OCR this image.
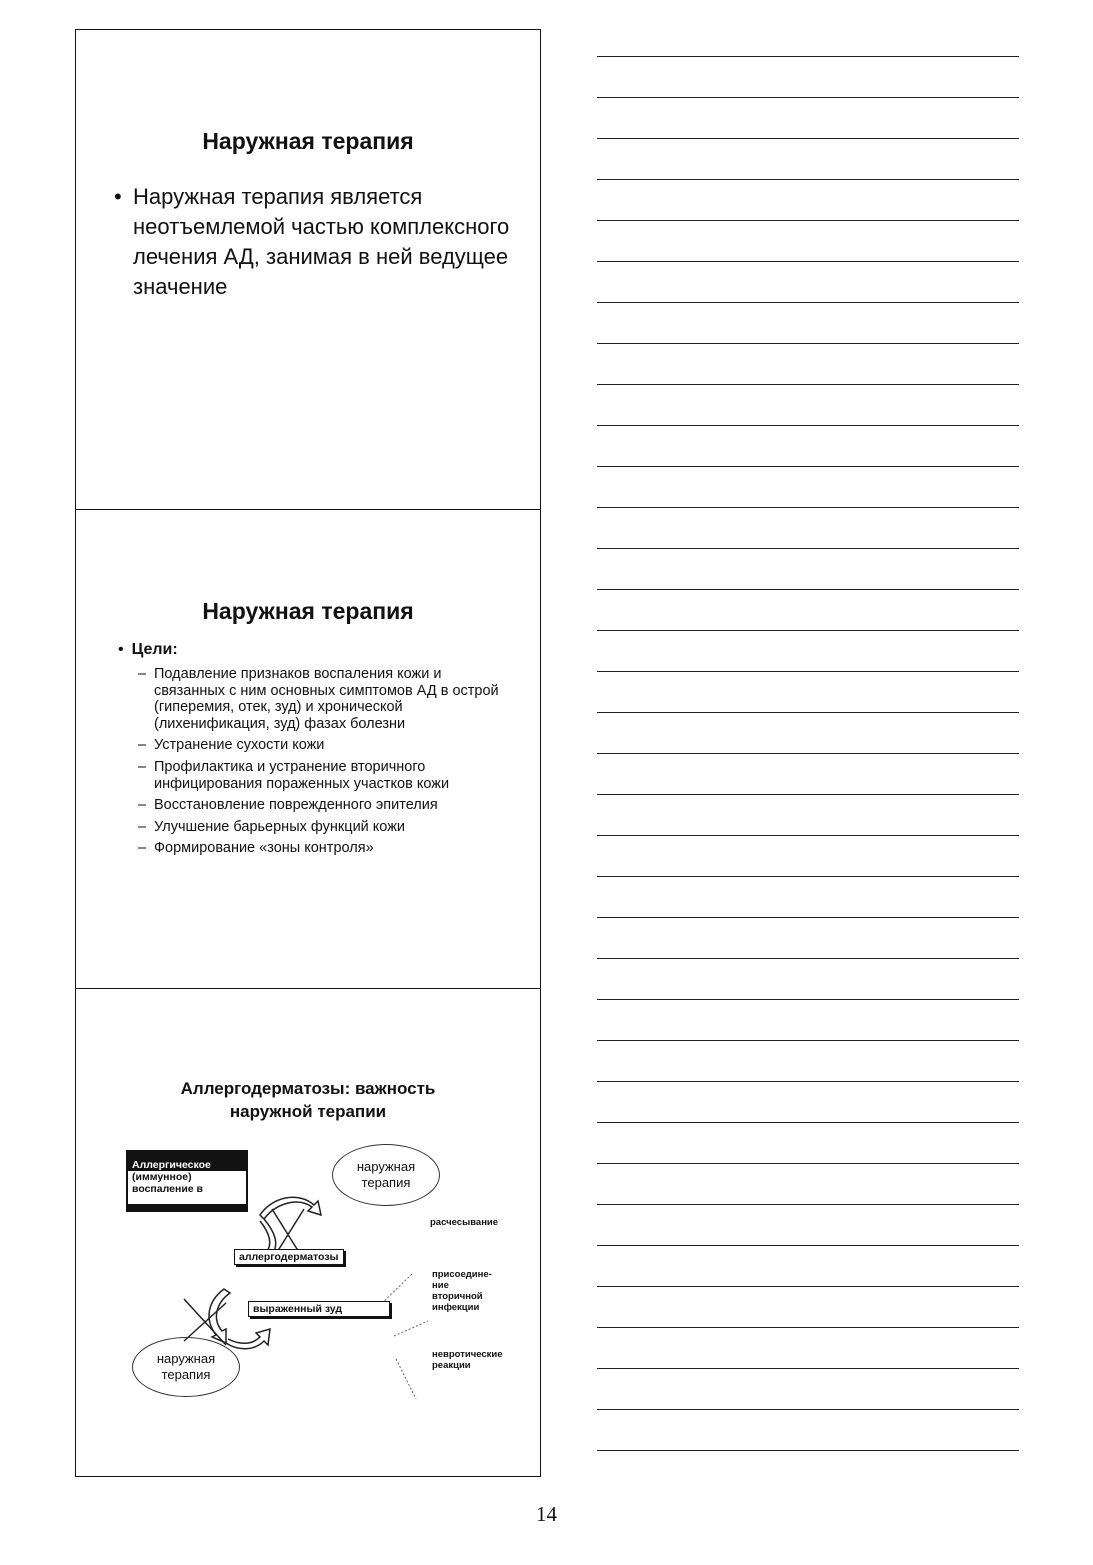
Наружная терапия
• Наружная терапия является неотъемлемой частью комплексного лечения АД, занимая в ней ведущее значение
Наружная терапия
• Цели:
– Подавление признаков воспаления кожи и связанных с ним основных симптомов АД в острой (гиперемия, отек, зуд) и хронической (лихенификация, зуд) фазах болезни
– Устранение сухости кожи
– Профилактика и устранение вторичного инфицирования пораженных участков кожи
– Восстановление поврежденного эпителия
– Улучшение барьерных функций кожи
– Формирование «зоны контроля»
Аллергодерматозы: важность
наружной терапии
Аллергическое
(иммунное)
воспаление в
наружная
терапия
аллергодерматозы
выраженный зуд
наружная
терапия
расчесывание
присоедине-
ние
вторичной
инфекции
невротические
реакции
14
